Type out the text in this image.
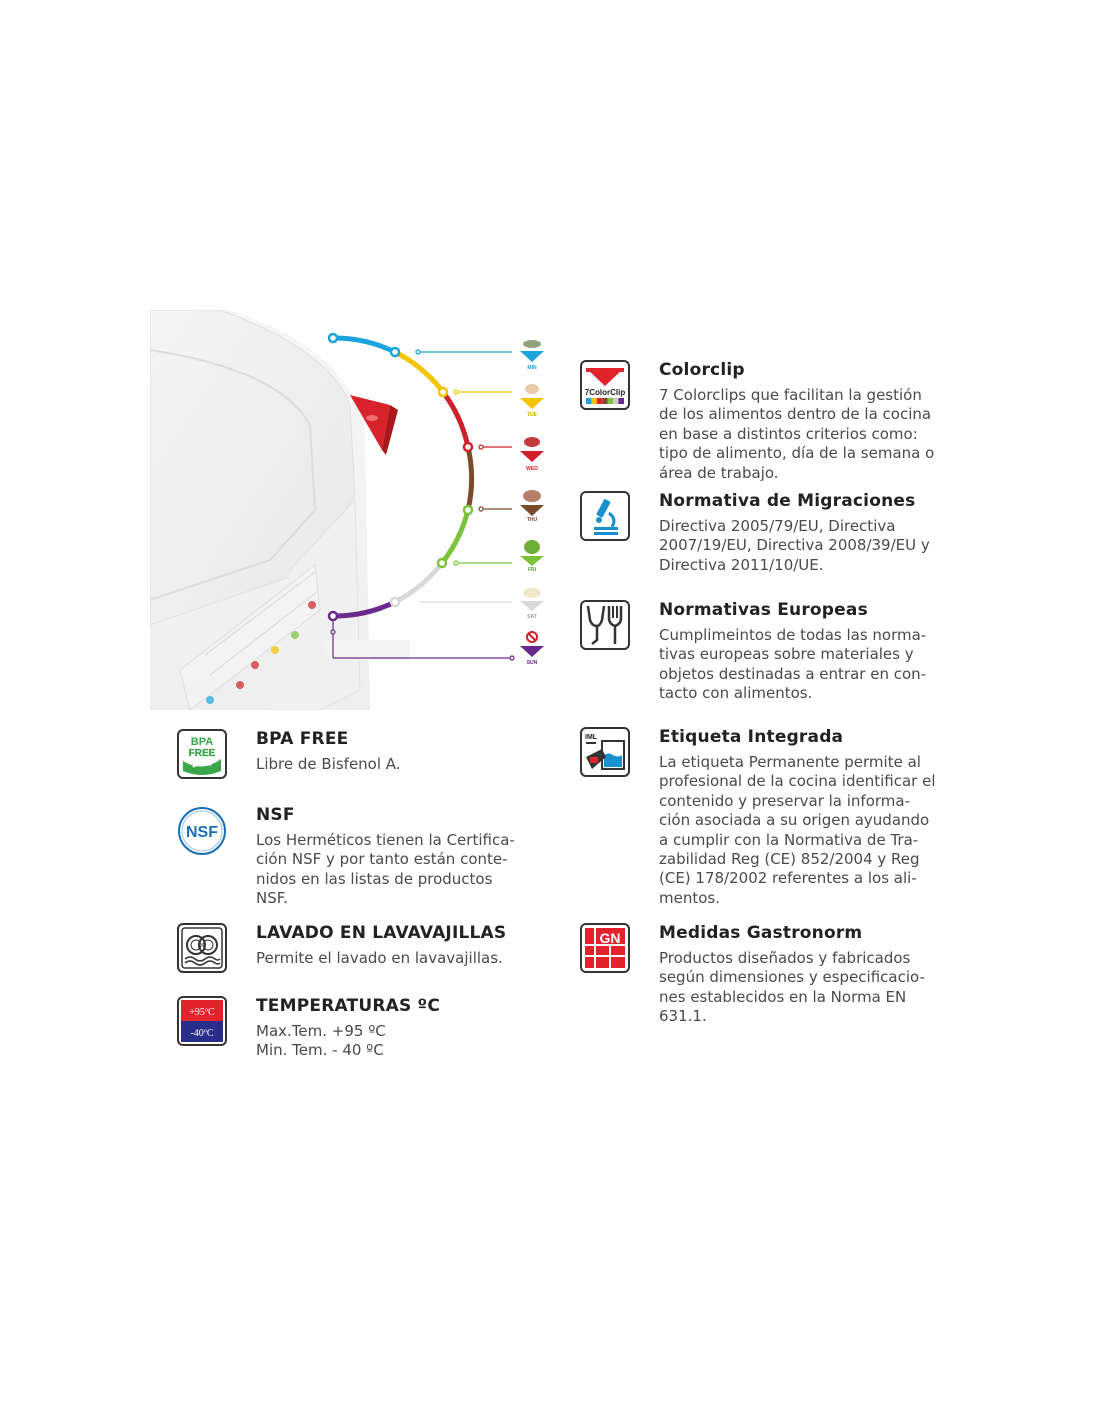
MIN
TUE
WED
THU
FRI
SAT
SUN
7ColorClip
Colorclip
7 Colorclips que facilitan la gestión
de los alimentos dentro de la cocina
en base a distintos criterios como:
tipo de alimento, día de la semana o
área de trabajo.
Normativa de Migraciones
Directiva 2005/79/EU, Directiva
2007/19/EU, Directiva 2008/39/EU y
Directiva 2011/10/UE.
Normativas Europeas
Cumplimeintos de todas las norma-
tivas europeas sobre materiales y
objetos destinadas a entrar en con-
tacto con alimentos.
IML	Etiqueta Integrada
La etiqueta Permanente permite al
profesional de la cocina identificar el
contenido y preservar la informa-
ción asociada a su origen ayudando
a cumplir con la Normativa de Tra-
zabilidad Reg (CE) 852/2004 y Reg
(CE) 178/2002 referentes a los ali-
mentos.
GN Medidas Gastronorm
Productos diseñados y fabricados
según dimensiones y especificacio-
nes establecidos en la Norma EN
631.1.
BPA
FREE
BPA FREE
Libre de Bisfenol A.
NSF
NSF
Los Herméticos tienen la Certifica-
ción NSF y por tanto están conte-
nidos en las listas de productos
NSF.
LAVADO EN LAVAVAJILLAS
Permite el lavado en lavavajillas.
+95ºC
-40ºC
TEMPERATURAS ºC
Max.Tem. +95 ºC
Min. Tem. - 40 ºC
